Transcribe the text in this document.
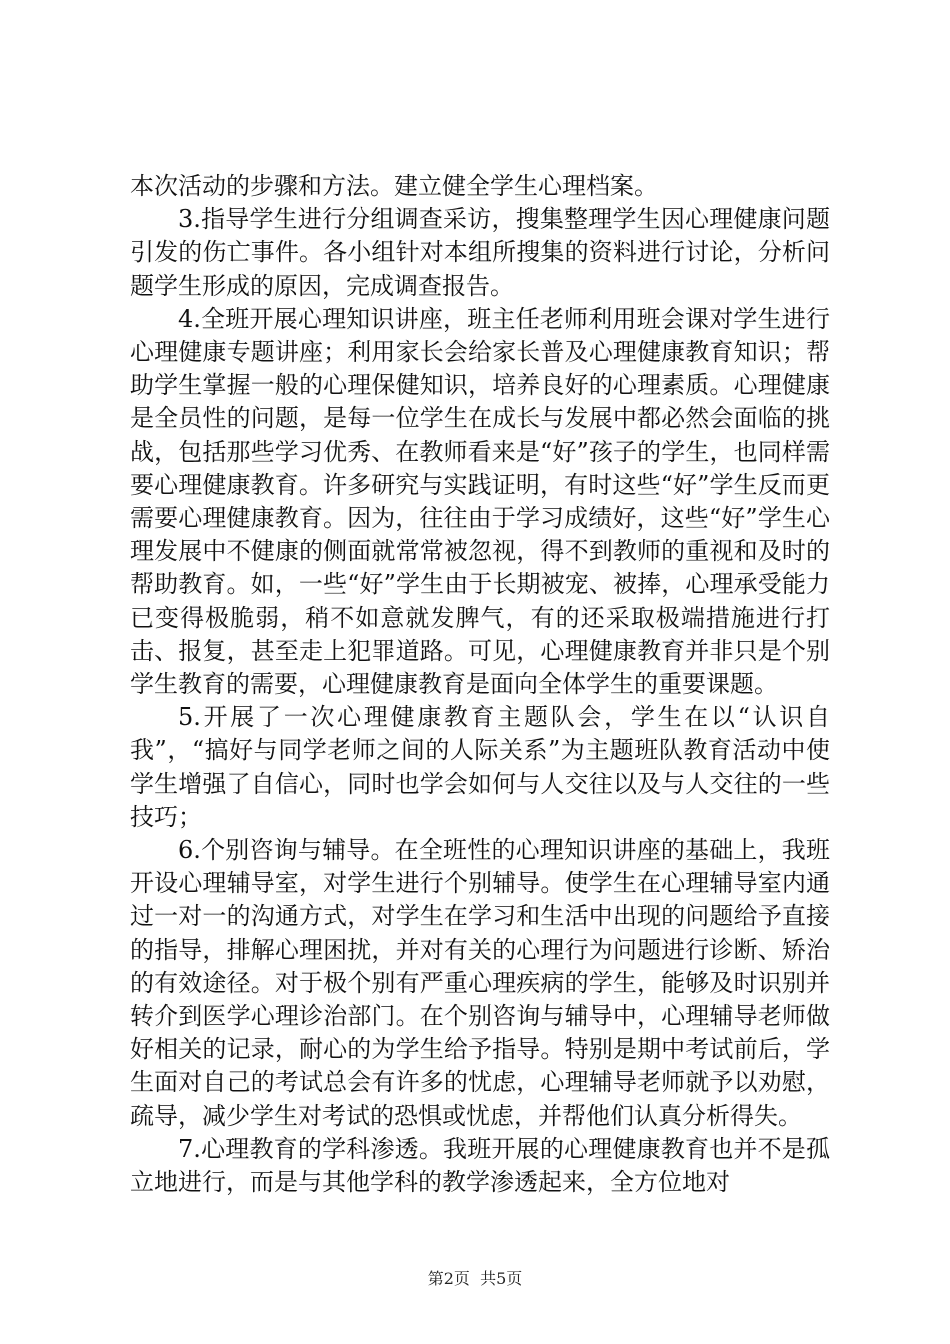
本次活动的步骤和方法。建立健全学生心理档案。

3.指导学生进行分组调查采访，搜集整理学生因心理健康问题引发的伤亡事件。各小组针对本组所搜集的资料进行讨论，分析问题学生形成的原因，完成调查报告。

4.全班开展心理知识讲座，班主任老师利用班会课对学生进行心理健康专题讲座；利用家长会给家长普及心理健康教育知识；帮助学生掌握一般的心理保健知识，培养良好的心理素质。心理健康是全员性的问题，是每一位学生在成长与发展中都必然会面临的挑战，包括那些学习优秀、在教师看来是“好”孩子的学生，也同样需要心理健康教育。许多研究与实践证明，有时这些“好”学生反而更需要心理健康教育。因为，往往由于学习成绩好，这些“好”学生心理发展中不健康的侧面就常常被忽视，得不到教师的重视和及时的帮助教育。如，一些“好”学生由于长期被宠、被捧，心理承受能力已变得极脆弱，稍不如意就发脾气，有的还采取极端措施进行打击、报复，甚至走上犯罪道路。可见，心理健康教育并非只是个别学生教育的需要，心理健康教育是面向全体学生的重要课题。

5.开展了一次心理健康教育主题队会，学生在以“认识自我”，“搞好与同学老师之间的人际关系”为主题班队教育活动中使学生增强了自信心，同时也学会如何与人交往以及与人交往的一些技巧；

6.个别咨询与辅导。在全班性的心理知识讲座的基础上，我班开设心理辅导室，对学生进行个别辅导。使学生在心理辅导室内通过一对一的沟通方式，对学生在学习和生活中出现的问题给予直接的指导，排解心理困扰，并对有关的心理行为问题进行诊断、矫治的有效途径。对于极个别有严重心理疾病的学生，能够及时识别并转介到医学心理诊治部门。在个别咨询与辅导中，心理辅导老师做好相关的记录，耐心的为学生给予指导。特别是期中考试前后，学生面对自己的考试总会有许多的忧虑，心理辅导老师就予以劝慰，疏导，减少学生对考试的恐惧或忧虑，并帮他们认真分析得失。

7.心理教育的学科渗透。我班开展的心理健康教育也并不是孤立地进行，而是与其他学科的教学渗透起来，全方位地对

第2页  共5页
